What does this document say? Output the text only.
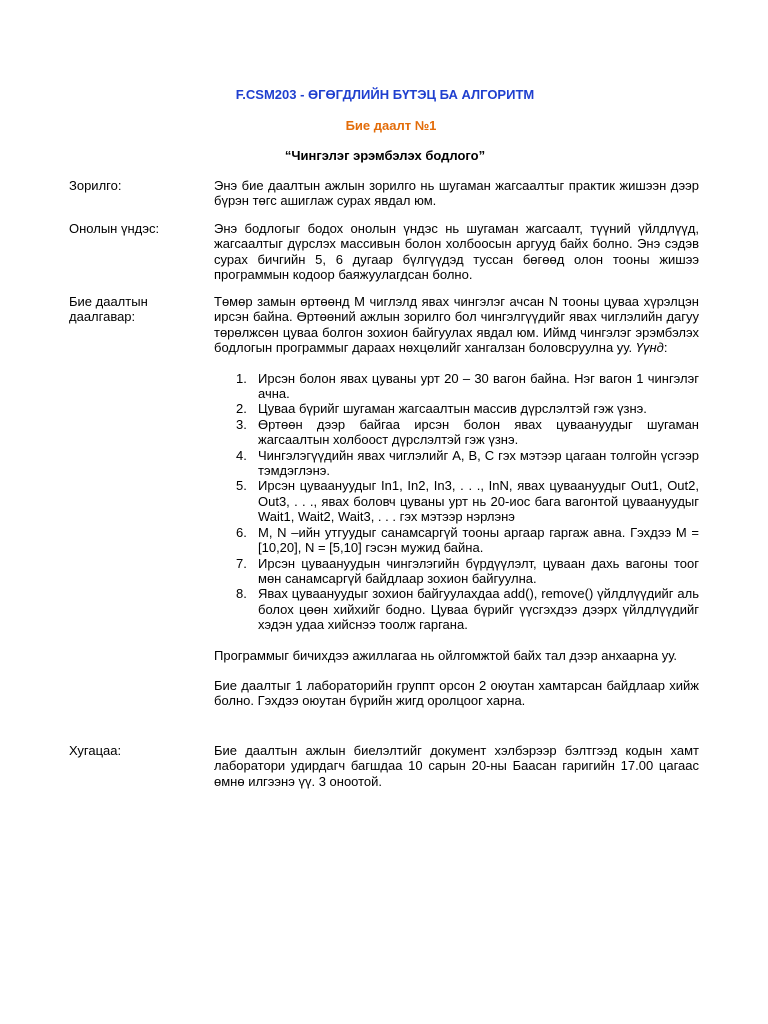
F.CSM203 - ӨГӨГДЛИЙН БҮТЭЦ БА АЛГОРИТМ
Бие даалт №1
“Чингэлэг эрэмбэлэх бодлого”
Зорилго:	Энэ бие даалтын ажлын зорилго нь шугаман жагсаалтыг практик жишээн дээр бүрэн төгс ашиглаж сурах явдал юм.

Онолын үндэс:	Энэ бодлогыг бодох онолын үндэс нь шугаман жагсаалт, түүний үйлдлүүд, жагсаалтыг дүрслэх массивын болон холбоосын аргууд байх болно. Энэ сэдэв сурах бичгийн 5, 6 дугаар бүлгүүдэд туссан бөгөөд олон тооны жишээ программын кодоор баяжуулагдсан болно.

Бие даалтын даалгавар:

Төмөр замын өртөөнд M чиглэлд явах чингэлэг ачсан N тооны цуваа хүрэлцэн ирсэн байна. Өртөөний ажлын зорилго бол чингэлгүүдийг явах чиглэлийн дагуу төрөлжсөн цуваа болгон зохион байгуулах явдал юм. Иймд чингэлэг эрэмбэлэх бодлогын программыг дараах нөхцөлийг хангалзан боловсруулна уу. Үүнд:

1. Ирсэн болон явах цуваны урт 20 – 30 вагон байна. Нэг вагон 1 чингэлэг ачна.
2. Цуваа бүрийг шугаман жагсаалтын массив дүрслэлтэй гэж үзнэ.
3. Өртөөн дээр байгаа ирсэн болон явах цуваануудыг шугаман жагсаалтын холбоост дүрслэлтэй гэж үзнэ.
4. Чингэлэгүүдийн явах чиглэлийг A, B, C гэх мэтээр цагаан толгойн үсгээр тэмдэглэнэ.
5. Ирсэн цуваануудыг In1, In2, In3, . . ., InN, явах цуваануудыг Out1, Out2, Out3, . . ., явах боловч цуваны урт нь 20-иос бага вагонтой цуваануудыг Wait1, Wait2, Wait3, . . . гэх мэтээр нэрлэнэ
6. M, N –ийн утгуудыг санамсаргүй тооны аргаар гаргаж авна. Гэхдээ M = [10,20], N = [5,10] гэсэн мужид байна.
7. Ирсэн цуваануудын чингэлэгийн бүрдүүлэлт, цуваан дахь вагоны тоог мөн санамсаргүй байдлаар зохион байгуулна.
8. Явах цуваануудыг зохион байгуулахдаа add(), remove() үйлдлүүдийг аль болох цөөн хийхийг бодно. Цуваа бүрийг үүсгэхдээ дээрх үйлдлүүдийг хэдэн удаа хийснээ тоолж гаргана.

Программыг бичихдээ ажиллагаа нь ойлгомжтой байх тал дээр анхаарна уу.

Бие даалтыг 1 лабораторийн группт орсон 2 оюутан хамтарсан байдлаар хийж болно. Гэхдээ оюутан бүрийн жигд оролцоог харна.

Хугацаа:	Бие даалтын ажлын биелэлтийг документ хэлбэрээр бэлтгээд кодын хамт лаборатори удирдагч багшдаа 10 сарын 20-ны Баасан гаригийн 17.00 цагаас өмнө илгээнэ үү. 3 оноотой.
